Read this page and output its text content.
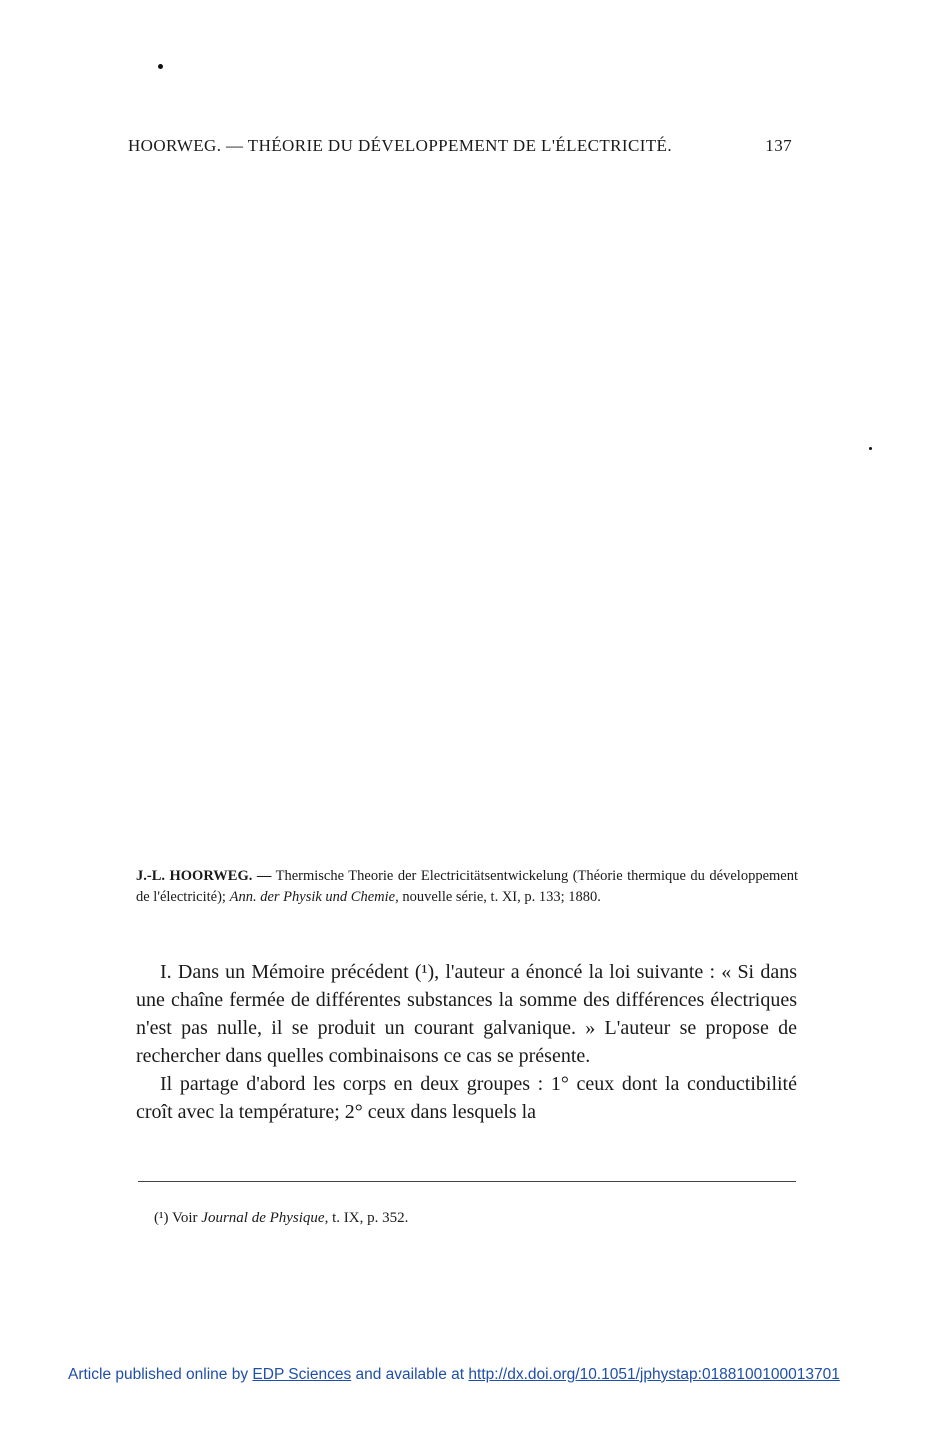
HOORWEG. — THÉORIE DU DÉVELOPPEMENT DE L'ÉLECTRICITÉ.	137
J.-L. HOORWEG. — Thermische Theorie der Electricitätsentwickelung (Théorie thermique du développement de l'électricité); Ann. der Physik und Chemie, nouvelle série, t. XI, p. 133; 1880.

I. Dans un Mémoire précédent (¹), l'auteur a énoncé la loi suivante : « Si dans une chaîne fermée de différentes substances la somme des différences électriques n'est pas nulle, il se produit un courant galvanique. » L'auteur se propose de rechercher dans quelles combinaisons ce cas se présente.

Il partage d'abord les corps en deux groupes : 1° ceux dont la conductibilité croît avec la température; 2° ceux dans lesquels la

(¹) Voir Journal de Physique, t. IX, p. 352.
Article published online by EDP Sciences and available at http://dx.doi.org/10.1051/jphystap:0188100100013701
